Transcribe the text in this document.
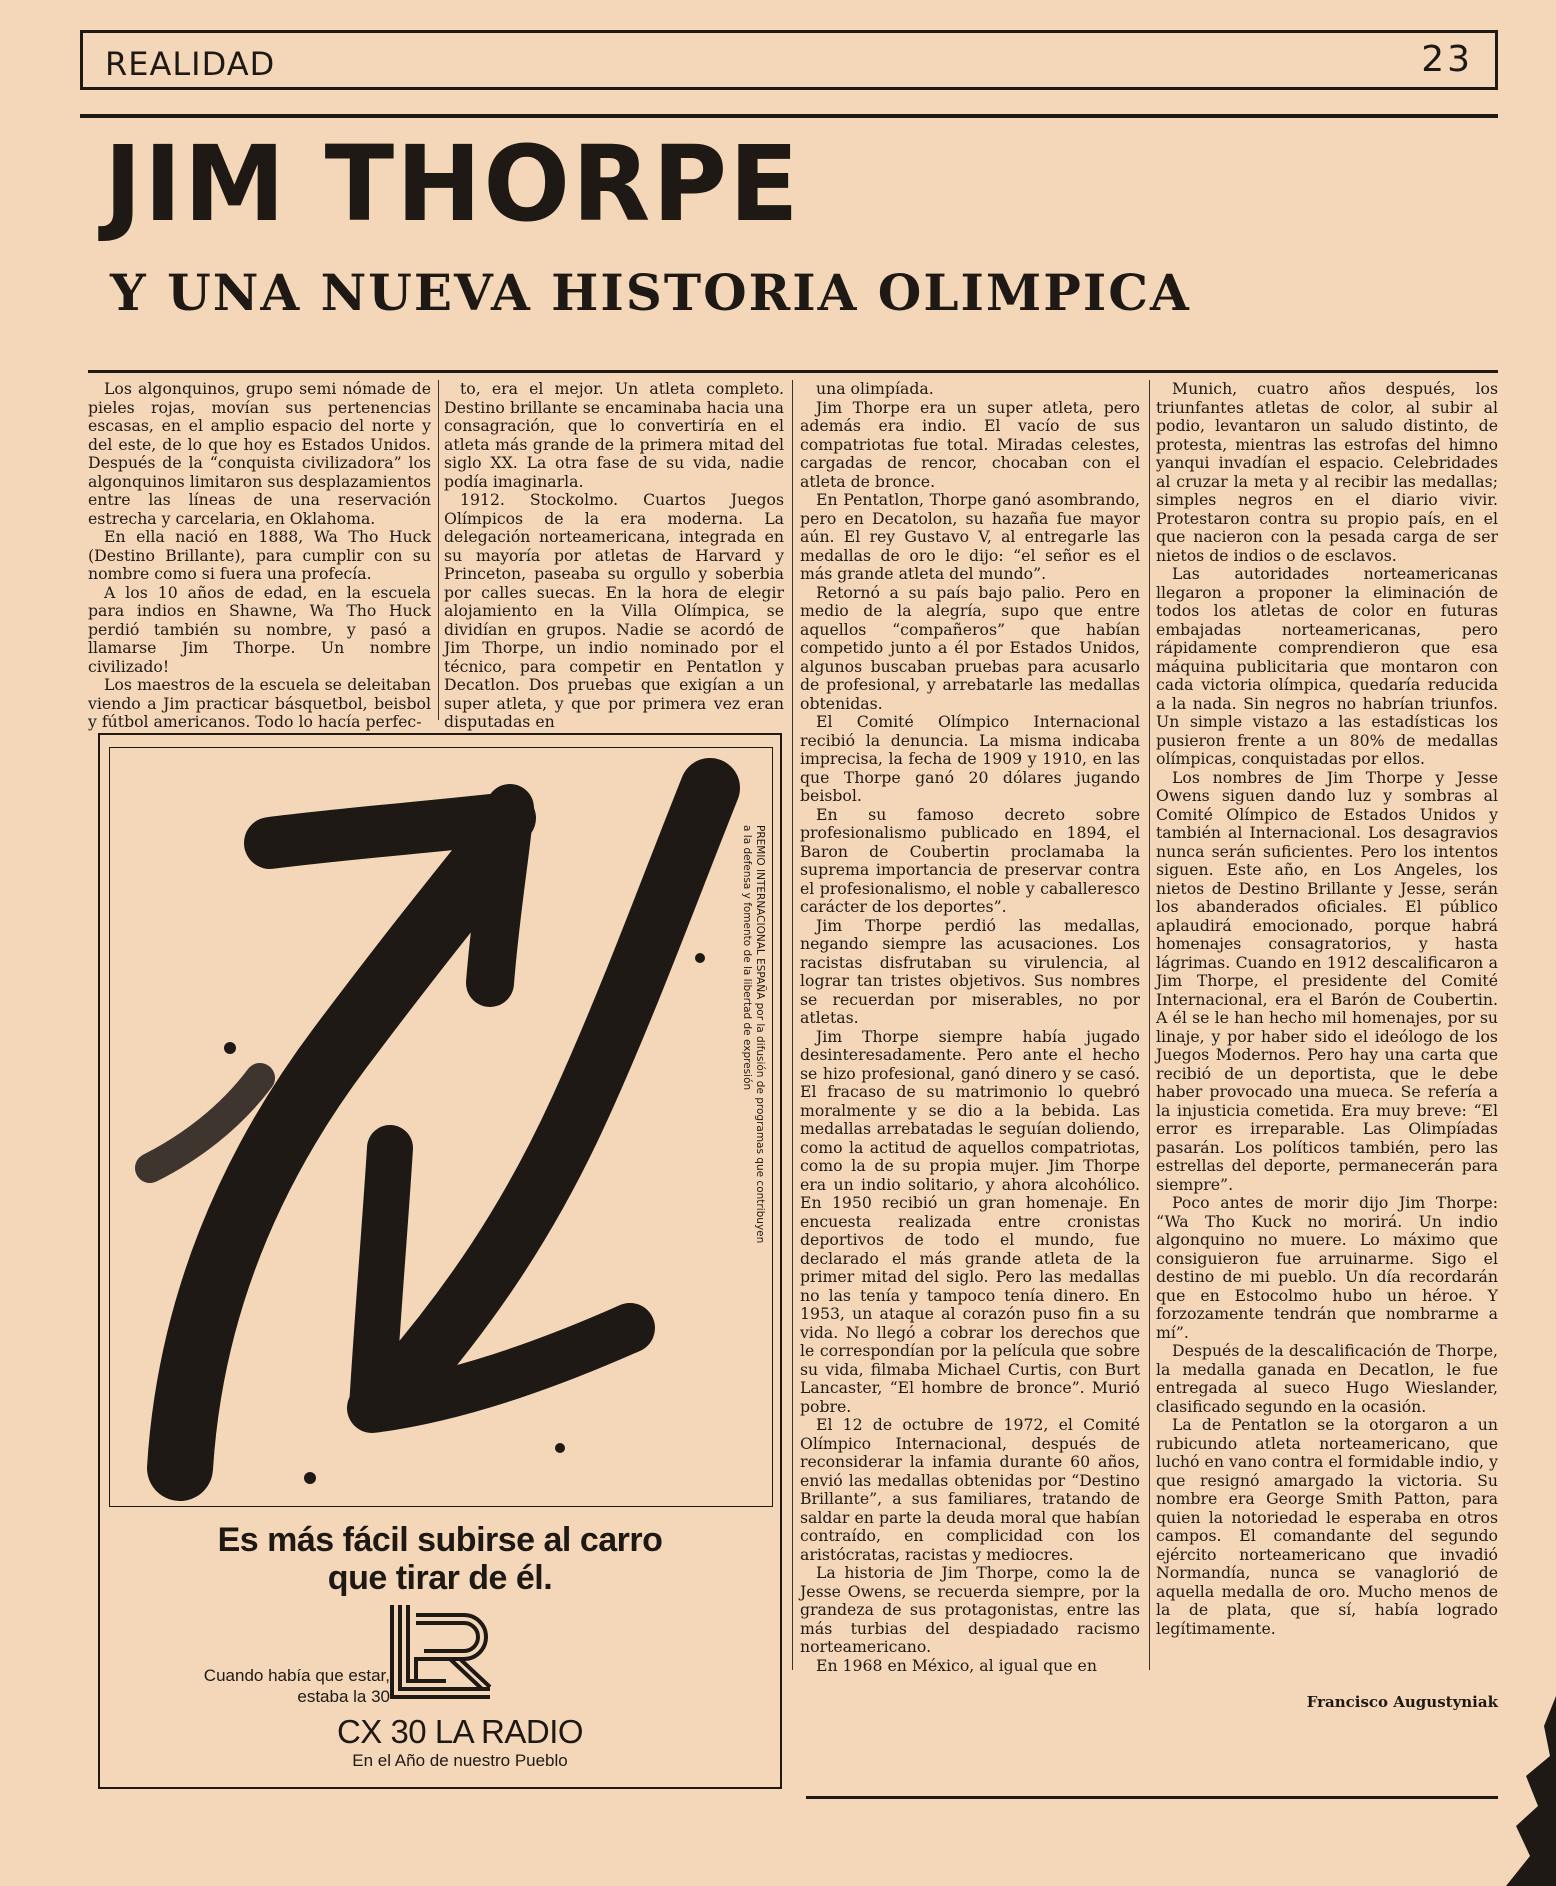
REALIDAD	23
JIM THORPE
Y UNA NUEVA HISTORIA OLIMPICA

Los algonquinos, grupo semi nómade de pieles rojas, movían sus pertenencias escasas, en el amplio espacio del norte y del este, de lo que hoy es Estados Unidos. Después de la “conquista civilizadora” los algonquinos limitaron sus desplazamientos entre las líneas de una reservación estrecha y carcelaria, en Oklahoma.

En ella nació en 1888, Wa Tho Huck (Destino Brillante), para cumplir con su nombre como si fuera una profecía.

A los 10 años de edad, en la escuela para indios en Shawne, Wa Tho Huck perdió también su nombre, y pasó a llamarse Jim Thorpe. Un nombre civilizado!

Los maestros de la escuela se deleitaban viendo a Jim practicar básquetbol, beisbol y fútbol americanos. Todo lo hacía perfec-

to, era el mejor. Un atleta completo. Destino brillante se encaminaba hacia una consagración, que lo convertiría en el atleta más grande de la primera mitad del siglo XX. La otra fase de su vida, nadie podía imaginarla.

1912. Stockolmo. Cuartos Juegos Olímpicos de la era moderna. La delegación norteamericana, integrada en su mayoría por atletas de Harvard y Princeton, paseaba su orgullo y soberbia por calles suecas. En la hora de elegir alojamiento en la Villa Olímpica, se dividían en grupos. Nadie se acordó de Jim Thorpe, un indio nominado por el técnico, para competir en Pentatlon y Decatlon. Dos pruebas que exigían a un super atleta, y que por primera vez eran disputadas en

una olimpíada.

Jim Thorpe era un super atleta, pero además era indio. El vacío de sus compatriotas fue total. Miradas celestes, cargadas de rencor, chocaban con el atleta de bronce.

En Pentatlon, Thorpe ganó asombrando, pero en Decatolon, su hazaña fue mayor aún. El rey Gustavo V, al entregarle las medallas de oro le dijo: “el señor es el más grande atleta del mundo”.

Retornó a su país bajo palio. Pero en medio de la alegría, supo que entre aquellos “compañeros” que habían competido junto a él por Estados Unidos, algunos buscaban pruebas para acusarlo de profesional, y arrebatarle las medallas obtenidas.

El Comité Olímpico Internacional recibió la denuncia. La misma indicaba imprecisa, la fecha de 1909 y 1910, en las que Thorpe ganó 20 dólares jugando beisbol.

En su famoso decreto sobre profesionalismo publicado en 1894, el Baron de Coubertin proclamaba la suprema importancia de preservar contra el profesionalismo, el noble y caballeresco carácter de los deportes”.

Jim Thorpe perdió las medallas, negando siempre las acusaciones. Los racistas disfrutaban su virulencia, al lograr tan tristes objetivos. Sus nombres se recuerdan por miserables, no por atletas.

Jim Thorpe siempre había jugado desinteresadamente. Pero ante el hecho se hizo profesional, ganó dinero y se casó. El fracaso de su matrimonio lo quebró moralmente y se dio a la bebida. Las medallas arrebatadas le seguían doliendo, como la actitud de aquellos compatriotas, como la de su propia mujer. Jim Thorpe era un indio solitario, y ahora alcohólico. En 1950 recibió un gran homenaje. En encuesta realizada entre cronistas deportivos de todo el mundo, fue declarado el más grande atleta de la primer mitad del siglo. Pero las medallas no las tenía y tampoco tenía dinero. En 1953, un ataque al corazón puso fin a su vida. No llegó a cobrar los derechos que le correspondían por la película que sobre su vida, filmaba Michael Curtis, con Burt Lancaster, “El hombre de bronce”. Murió pobre.

El 12 de octubre de 1972, el Comité Olímpico Internacional, después de reconsiderar la infamia durante 60 años, envió las medallas obtenidas por “Destino Brillante”, a sus familiares, tratando de saldar en parte la deuda moral que habían contraído, en complicidad con los aristócratas, racistas y mediocres.

La historia de Jim Thorpe, como la de Jesse Owens, se recuerda siempre, por la grandeza de sus protagonistas, entre las más turbias del despiadado racismo norteamericano.

En 1968 en México, al igual que en

Munich, cuatro años después, los triunfantes atletas de color, al subir al podio, levantaron un saludo distinto, de protesta, mientras las estrofas del himno yanqui invadían el espacio. Celebridades al cruzar la meta y al recibir las medallas; simples negros en el diario vivir. Protestaron contra su propio país, en el que nacieron con la pesada carga de ser nietos de indios o de esclavos.

Las autoridades norteamericanas llegaron a proponer la eliminación de todos los atletas de color en futuras embajadas norteamericanas, pero rápidamente comprendieron que esa máquina publicitaria que montaron con cada victoria olímpica, quedaría reducida a la nada. Sin negros no habrían triunfos. Un simple vistazo a las estadísticas los pusieron frente a un 80% de medallas olímpicas, conquistadas por ellos.

Los nombres de Jim Thorpe y Jesse Owens siguen dando luz y sombras al Comité Olímpico de Estados Unidos y también al Internacional. Los desagravios nunca serán suficientes. Pero los intentos siguen. Este año, en Los Angeles, los nietos de Destino Brillante y Jesse, serán los abanderados oficiales. El público aplaudirá emocionado, porque habrá homenajes consagratorios, y hasta lágrimas. Cuando en 1912 descalificaron a Jim Thorpe, el presidente del Comité Internacional, era el Barón de Coubertin. A él se le han hecho mil homenajes, por su linaje, y por haber sido el ideólogo de los Juegos Modernos. Pero hay una carta que recibió de un deportista, que le debe haber provocado una mueca. Se refería a la injusticia cometida. Era muy breve: “El error es irreparable. Las Olimpíadas pasarán. Los políticos también, pero las estrellas del deporte, permanecerán para siempre”.

Poco antes de morir dijo Jim Thorpe: “Wa Tho Kuck no morirá. Un indio algonquino no muere. Lo máximo que consiguieron fue arruinarme. Sigo el destino de mi pueblo. Un día recordarán que en Estocolmo hubo un héroe. Y forzozamente tendrán que nombrarme a mí”.

Después de la descalificación de Thorpe, la medalla ganada en Decatlon, le fue entregada al sueco Hugo Wieslander, clasificado segundo en la ocasión.

La de Pentatlon se la otorgaron a un rubicundo atleta norteamericano, que luchó en vano contra el formidable indio, y que resignó amargado la victoria. Su nombre era George Smith Patton, para quien la notoriedad le esperaba en otros campos. El comandante del segundo ejército norteamericano que invadió Normandía, nunca se vanaglorió de aquella medalla de oro. Mucho menos de la de plata, que sí, había logrado legítimamente.

Francisco Augustyniak
PREMIO INTERNACIONAL ESPAÑA por la difusión de programas que contribuyen
a la defensa y fomento de la libertad de expresión
Es más fácil subirse al carro
que tirar de él.
Cuando había que estar,
estaba la 30
CX 30 LA RADIO
En el Año de nuestro Pueblo
